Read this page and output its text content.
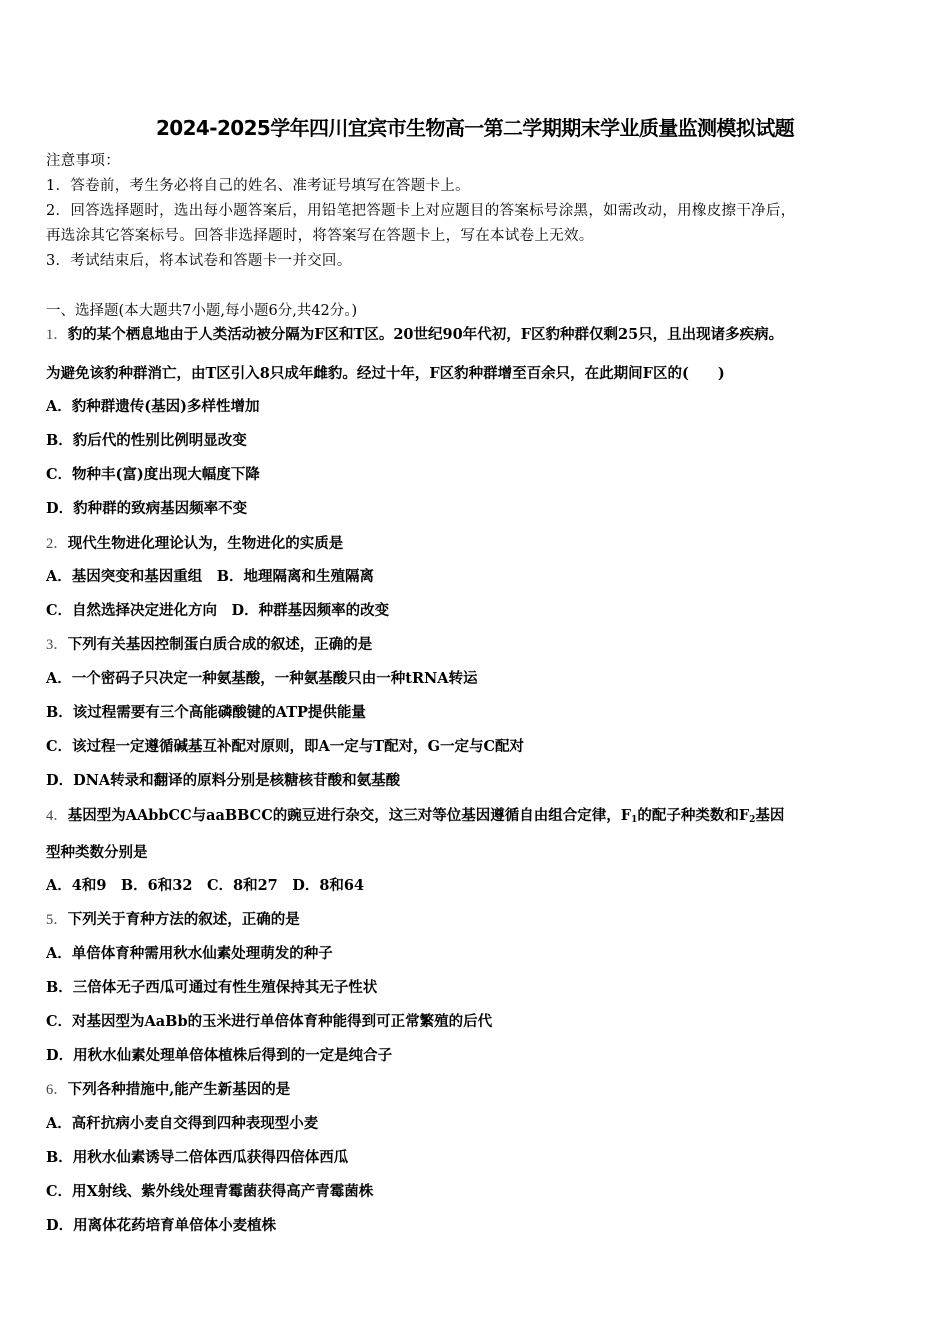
2024-2025学年四川宜宾市生物高一第二学期期末学业质量监测模拟试题
注意事项：
1．答卷前，考生务必将自己的姓名、准考证号填写在答题卡上。
2．回答选择题时，选出每小题答案后，用铅笔把答题卡上对应题目的答案标号涂黑，如需改动，用橡皮擦干净后，
再选涂其它答案标号。回答非选择题时，将答案写在答题卡上，写在本试卷上无效。
3．考试结束后，将本试卷和答题卡一并交回。
一、选择题(本大题共7小题,每小题6分,共42分。)
1．豹的某个栖息地由于人类活动被分隔为F区和T区。20世纪90年代初，F区豹种群仅剩25只，且出现诸多疾病。
为避免该豹种群消亡，由T区引入8只成年雌豹。经过十年，F区豹种群增至百余只，在此期间F区的(　　)
A．豹种群遗传(基因)多样性增加
B．豹后代的性别比例明显改变
C．物种丰(富)度出现大幅度下降
D．豹种群的致病基因频率不变
2．现代生物进化理论认为，生物进化的实质是
A．基因突变和基因重组　B．地理隔离和生殖隔离
C．自然选择决定进化方向　D．种群基因频率的改变
3．下列有关基因控制蛋白质合成的叙述，正确的是
A．一个密码子只决定一种氨基酸，一种氨基酸只由一种tRNA转运
B．该过程需要有三个高能磷酸键的ATP提供能量
C．该过程一定遵循碱基互补配对原则，即A一定与T配对，G一定与C配对
D．DNA转录和翻译的原料分别是核糖核苷酸和氨基酸
4．基因型为AAbbCC与aaBBCC的豌豆进行杂交，这三对等位基因遵循自由组合定律，$F_1$的配子种类数和$F_2$基因
型种类数分别是
A．4和9　B．6和32　C．8和27　D．8和64
5．下列关于育种方法的叙述，正确的是
A．单倍体育种需用秋水仙素处理萌发的种子
B．三倍体无子西瓜可通过有性生殖保持其无子性状
C．对基因型为AaBb的玉米进行单倍体育种能得到可正常繁殖的后代
D．用秋水仙素处理单倍体植株后得到的一定是纯合子
6．下列各种措施中,能产生新基因的是
A．高秆抗病小麦自交得到四种表现型小麦
B．用秋水仙素诱导二倍体西瓜获得四倍体西瓜
C．用X射线、紫外线处理青霉菌获得高产青霉菌株
D．用离体花药培育单倍体小麦植株
